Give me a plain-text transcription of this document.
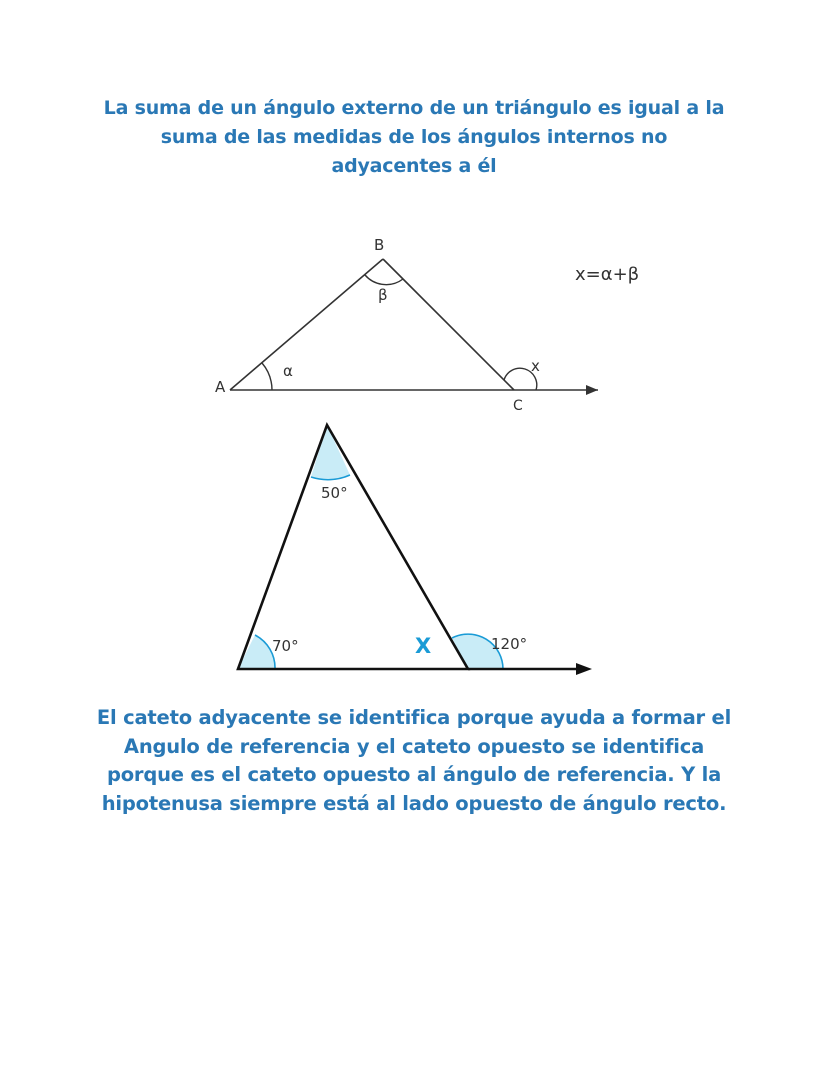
La suma de un ángulo externo de un triángulo es igual a la suma de las medidas de los ángulos internos no adyacentes a él
A
B
C
α
β
x
x=α+β
50°
70°	X	120°
El cateto adyacente se identifica porque ayuda a formar el Angulo de referencia y el cateto opuesto se identifica porque es el cateto opuesto al ángulo de referencia. Y la hipotenusa siempre está al lado opuesto de ángulo recto.
